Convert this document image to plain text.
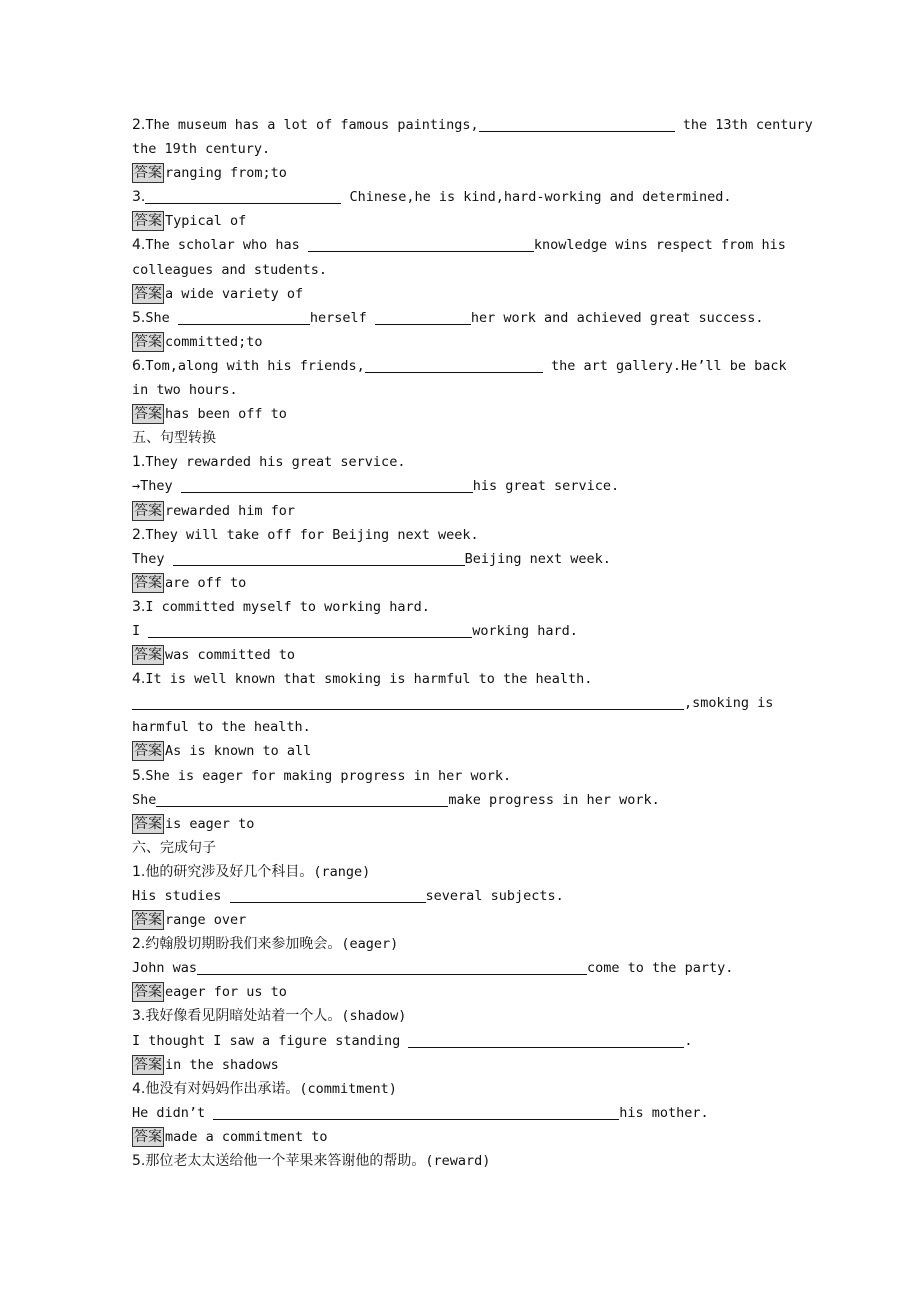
2.The museum has a lot of famous paintings,	the 13th century
the 19th century.
答案 ranging from;to
3.	Chinese,he is kind,hard-working and determined.
答案 Typical of
4.The scholar who has	knowledge wins respect from his
colleagues and students.
答案 a wide variety of
5.She	herself	her work and achieved great success.
答案 committed;to
6.Tom,along with his friends,	the art gallery.He’ll be back
in two hours.
答案 has been off to
五、句型转换
1.They rewarded his great service.
→They	his great service.
答案 rewarded him for
2.They will take off for Beijing next week.
They	Beijing next week.
答案 are off to
3.I committed myself to working hard.
I	working hard.
答案 was committed to
4.It is well known that smoking is harmful to the health.
,smoking is
harmful to the health.
答案 As is known to all
5.She is eager for making progress in her work.
She	make progress in her work.
答案 is eager to
六、完成句子
1.他的研究涉及好几个科目。(range)
His studies	several subjects.
答案 range over
2.约翰殷切期盼我们来参加晚会。(eager)
John was	come to the party.
答案 eager for us to
3.我好像看见阴暗处站着一个人。(shadow)
I thought I saw a figure standing	.
答案 in the shadows
4.他没有对妈妈作出承诺。(commitment)
He didn’t	his mother.
答案 made a commitment to
5.那位老太太送给他一个苹果来答谢他的帮助。(reward)
